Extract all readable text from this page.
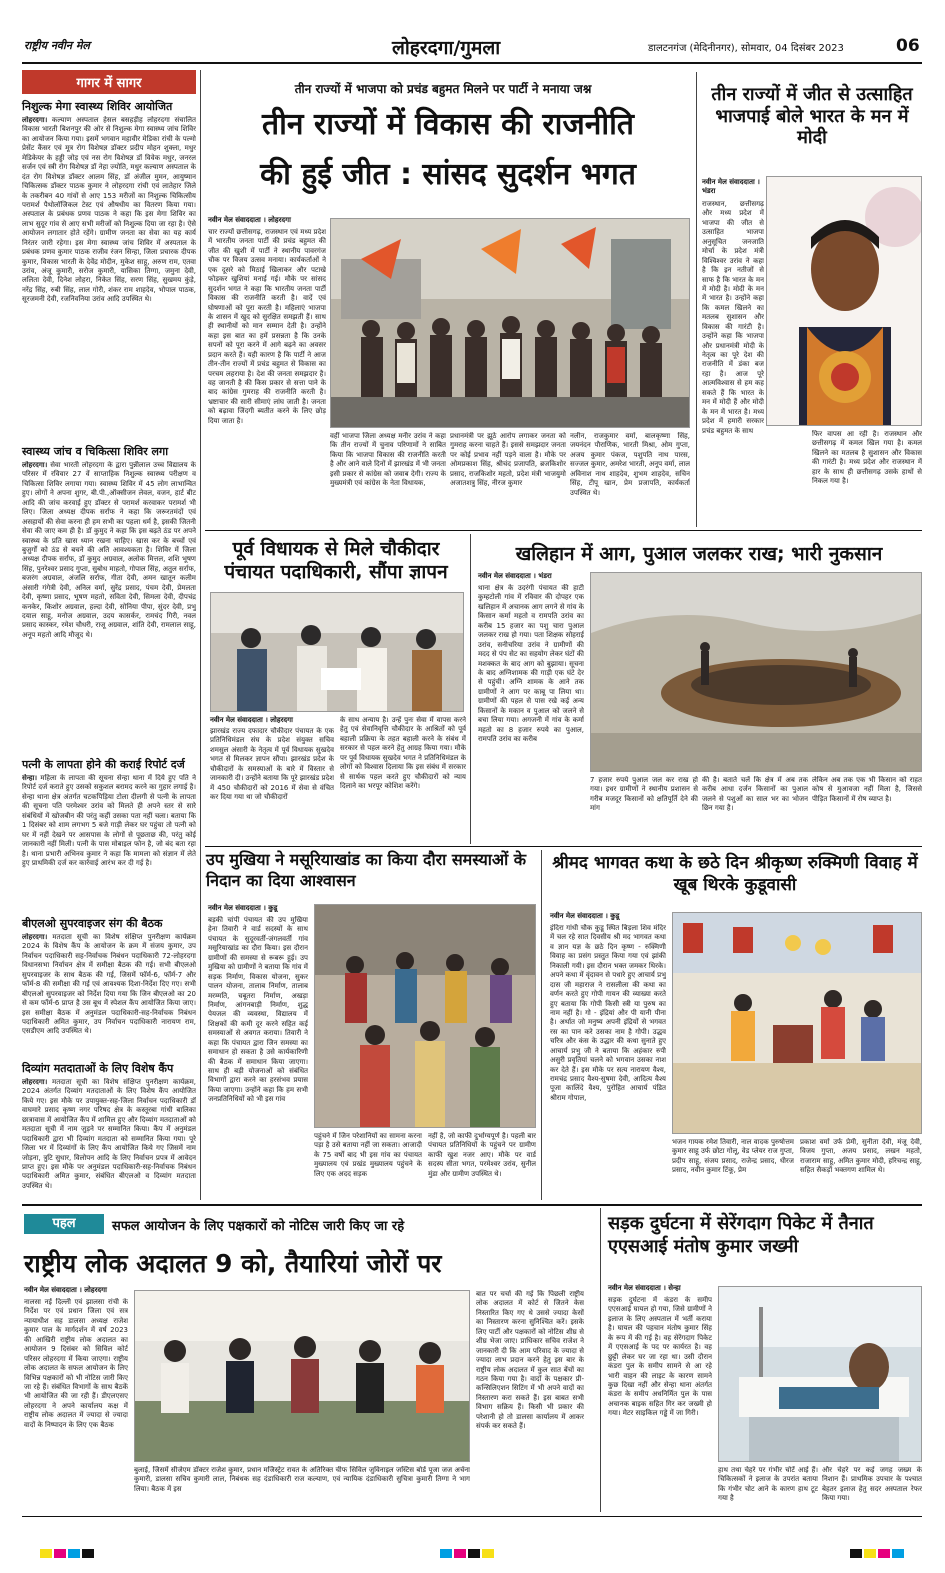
राष्ट्रीय नवीन मेल	लोहरदगा/गुमला	डालटनगंज (मेदिनीनगर), सोमवार, 04 दिसंबर 2023	06
गागर में सागर
निशुल्क मेगा स्वास्थ्य शिविर आयोजित
लोहरदगा। कल्याण अस्पताल हेसल बसहड़ीह लोहरदगा संचालित विकास भारती बिशनपुर की ओर से निशुल्क मेगा स्वास्थ्य जांच शिविर का आयोजन किया गया। इसमें भगवान महावीर मेडिका रांची के पल्मो प्रेसेंट कैंसर एवं मूत्र रोग विशेषज्ञ डॉक्टर प्रदीप मोहन शुक्ला, मधुर मेडिकेयर के हड्डी जोड़ एवं नस रोग विशेषज्ञ डॉ विवेक मधुर, जनरल सर्जन एवं स्त्री रोग विशेषज्ञ डॉ नेहा ज्योति, मधुर कल्याण अस्पताल के दंत रोग विशेषज्ञ डॉक्टर आलम सिंह, डॉ अंजील मुमन, आयुष्मान चिकित्सक डॉक्टर पाठक कुमार ने लोहरदगा रांची एवं लातेहार जिले के तकरीबन 40 गांवों से आए 153 मरीजों का निशुल्क चिकित्सीय परामर्श पैथोलॉजिकल टेस्ट एवं औषधीय का वितरण किया गया। अस्पताल के प्रबंधक प्रणव पाठक ने कहा कि इस मेगा शिविर का लाभ सुदूर गांव से आए सभी मरीजों को निशुल्क दिया जा रहा है। ऐसे आयोजन लगातार होते रहेंगे। ग्रामीण जनता का सेवा का यह कार्य निरंतर जारी रहेगा। इस मेगा स्वास्थ्य जांच शिविर में अस्पताल के प्रबंधक प्रणव कुमार पाठक राजीव रंजन सिन्हा, जिला प्रचारक दीपक कुमार, विकास भारती के देवेंद्र मोदीन, मुकेश साहू, अरुण राम, एतवा उरांव, अंजू कुमारी, सरोज कुमारी, यासिका तिग्गा, जमुना देवी, ललिता देवी, दिनेश लोहरा, निकेत सिंह, सरण सिंह, सुखमय कुंड़े, नरेंद्र सिंह, रुबी सिंह, लाल गोरी, शंकर राम शाहदेव, भोपाल पाठक, सूरजमनी देवी, रजनिवनिया उरांव आदि उपस्थित थे।
स्वास्थ्य जांच व चिकित्सा शिविर लगा
लोहरदगा। सेवा भारती लोहरदगा के द्वारा पुन्नीलाल उच्च विद्यालय के परिसर में रविवार 27 वें साप्ताहिक निशुल्क स्वास्थ्य परीक्षण व चिकित्सा शिविर लगाया गया। स्वास्थ्य शिविर में 45 लोग लाभान्वित हुए। लोगों ने अपना शुगर, बी.पी.,ऑक्सीजन लेवल, वजन, हार्ट बीट आदि की जांच करवाई हुए डॉक्टर से परामर्श करवाकर परामर्श भी लिए। जिला अध्यक्ष दीपक सर्राफ ने कहा कि जरूरतमंदों एवं असहायों की सेवा करना ही हम सभी का पहला धर्म है, इसकी जितनी सेवा की जाए कम ही है। डॉ कुमुद ने कहा कि इस बढ़ते ठंड पर अपने स्वास्थ्य के प्रति खास ध्यान रखना चाहिए। खास कर के बच्चों एवं बुजुर्गों को ठंड से बचने की अति आवश्यकता है। शिविर में जिला अध्यक्ष दीपक सर्राफ, डॉ कुमुद अग्रवाल, अलोक मित्तल, शशि भूषण सिंह, पुनरेश्वर प्रसाद गुप्ता, सुबोध माहतो, गोपाल सिंह, अतुल सर्राफ, बजरंग अग्रवाल, अंजलि सर्राफ, गीता देवी, अमन खातून कलीम अंसारी गंगेत्री देवी, अनिल वर्मा, सुरेंद्र प्रसाद, पंचम देवी, प्रेमलता देवी, कृष्णा प्रसाद, भूषण महतो, सविता देवी, सिमला देवी, दीपचंद्र कनकेर, किशोर अग्रवाल, हल्दा देवी, सोनिया पीपा, सुंदर देवी, प्रभु दयाल साहू, मनोज अग्रवाल, उदय कासर्कर, रामचंद गिरी, नवल प्रसाद कास्कर, रमेश चौधरी, राजू अग्रवाल, शांति देवी, रामलाल साहू, अनूप महतो आदि मौजूद थे।
पत्नी के लापता होने की कराई रिपोर्ट दर्ज
सेन्हा। महिला के लापता की सूचना सेन्हा थाना में दिये हुए पति ने रिपोर्ट दर्ज कराते हुए उसको सकुशल बरामद करने का गुहार लगाई है। सेन्हा थाना क्षेत्र अंतर्गत चटकपिड़िया टोला दीलगी से पत्नी के लापता की सूचना पति परमेश्वर उरांव को मिलते ही अपने स्तर से सारे संबंधियों में खोजबीन की परंतु कहीं उसका पता नहीं चला। बताया कि 1 दिसंबर को शाम लगभग 5 बजे गाड़ी लेकर घर पहुंचा तो पत्नी को घर में नहीं देखने पर आसपास के लोगों से पूछताछ की, परंतु कोई जानकारी नहीं मिली। पत्नी के पास मोबाइल फोन है, जो बंद बता रहा है। थाना प्रभारी अभिनव कुमार ने कहा कि मामला को संज्ञान में लेते हुए प्राथमिकी दर्ज कर कार्रवाई आरंभ कर दी गई है।
बीएलओ सुपरवाइजर संग की बैठक
लोहरदगा। मतदाता सूची का विशेष संक्षिप्त पुनरीक्षण कार्यक्रम 2024 के विशेष कैंप के आयोजन के क्रम में संजय कुमार, उप निर्वाचन पदाधिकारी सह-निर्वाचक निबंधन पदाधिकारी 72-लोहरदगा विधानसभा निर्वाचन क्षेत्र में समीक्षा बैठक की गई। सभी बीएलओ सुपरवाइजर के साथ बैठक की गई, जिसमें फॉर्म-6, फॉर्म-7 और फॉर्म-8 की समीक्षा की गई एवं आवश्यक दिशा-निर्देश दिए गए। सभी बीएलओ सुपरवाइजर को निर्देश दिया गया कि जिन बीएलओ का 20 से कम फॉर्म-6 प्राप्त है उस बूथ में स्पेशल कैंप आयोजित किया जाए। इस समीक्षा बैठक में अनुमंडल पदाधिकारी-सह-निर्वाचक निबंधन पदाधिकारी अमित कुमार, उप निर्वाचन पदाधिकारी नारायण राम, एसडीएम आदि उपस्थित थे।
दिव्यांग मतदाताओं के लिए विशेष कैंप
लोहरदगा। मतदाता सूची का विशेष संक्षिप्त पुनरीक्षण कार्यक्रम, 2024 अंतर्गत दिव्यांग मतदाताओं के लिए विशेष कैंप आयोजित किये गए। इस मौके पर उपायुक्त-सह-जिला निर्वाचन पदाधिकारी डॉ वाघमारे प्रसाद कृष्ण नगर परिषद क्षेत्र के कस्तूरबा गांधी बालिका छात्रावास में आयोजित कैंप में शामिल हुए और दिव्यांग मतदाताओं को मतदाता सूची में नाम जुड़ने पर सम्मानित किया। कैंप में अनुमंडल पदाधिकारी द्वारा भी दिव्यांग मतदाता को सम्मानित किया गया। पूरे जिला भर में दिव्यांगों के लिए कैंप आयोजित किये गए जिसमें नाम जोड़ना, त्रुटि सुधार, विलोपन आदि के लिए निर्वाचन प्रपत्र में आवेदन प्राप्त हुए। इस मौके पर अनुमंडल पदाधिकारी-सह-निर्वाचक निबंधन पदाधिकारी अमित कुमार, संबंधित बीएलओ व दिव्यांग मतदाता उपस्थित थे।
तीन राज्यों में भाजपा को प्रचंड बहुमत मिलने पर पार्टी ने मनाया जश्न
तीन राज्यों में विकास की राजनीति
की हुई जीत : सांसद सुदर्शन भगत
नवीन मेल संवाददाता । लोहरदगा
चार राज्यों छत्तीसगढ़, राजस्थान एवं मध्य प्रदेश में भारतीय जनता पार्टी की प्रचंड बहुमत की जीत की खुशी में पार्टी ने स्थानीय पावरगंज चौक पर विजय उत्सव मनाया। कार्यकर्ताओं ने एक दूसरे को मिठाई खिलाकर और पटाखे फोड़कर खुशियां मनाई गई। मौके पर सांसद सुदर्शन भगत ने कहा कि भारतीय जनता पार्टी विकास की राजनीति करती है। वादें एवं घोषणाओं को पूरा करती है। महिलाएं भाजपा के शासन में खुद को सुरक्षित समझती हैं। साथ ही स्थानीयों को मान सम्मान देती है। उन्होंने कहा इस बात का हमें प्रसन्नता है कि उनके सपनों को पूरा करने में आगे बढ़ने का अवसर प्रदान करते हैं। यही कारण है कि पार्टी ने आज तीन-तीन राज्यों में प्रचंड बहुमत से विकास का परचम लहराया है। देश की जनता समझदार है। वह जानती है की किस प्रकार से सत्ता पाने के बाद कांग्रेस गुमराह की राजनीति करती है। भ्रष्टाचार की सारी सीमाएं लांघ जाती है। जनता को बढ़ावा जिंदगी ब्यतीत करने के लिए छोड़ दिया जाता है।
वहीं भाजपा जिला अध्यक्ष मनीर उरांव ने कहा कि तीन राज्यों में चुनाव परिणामों ने साबित किया कि भाजपा विकास की राजनीति करती है और आने वाले दिनों में झारखंड में भी जनता इसी प्रकार से कांग्रेस को जवाब देगी। राज्य के मुख्यमंत्री एवं कांग्रेस के नेता विधायक,
प्रधानमंत्री पर झूठे आरोप लगाकर जनता को गुमराह करना चाहते हैं। इससे समझदार जनता पर कोई प्रभाव नहीं पड़ने वाला है। मौके पर ओमप्रकाश सिंह, श्रीचंद प्रजापति, ब्रजकिशोर प्रसाद, राजकिशोर महतो, प्रदेश मंत्री भाजयुमो अजातशत्रु सिंह, नीरज कुमार
नलीन, राजकुमार वर्मा, बालकृष्णा सिंह, जयनंदन पौराणिक, भारती मिश्रा, ओम गुप्ता, अजय कुमार पंकज, पशुपति नाथ पारस, सज्जल कुमार, अमरेश भारती, अनूप वर्मा, लाल अविनाश नाथ शाहदेव, शुभम शाहदेव, सचिन सिंह, टीपू खान, प्रेम प्रजापति, कार्यकर्ता उपस्थित थे।
तीन राज्यों में जीत से उत्साहित भाजपाई बोले भारत के मन में मोदी
नवीन मेल संवाददाता । भंडरा
राजस्थान, छत्तीसगढ़ और मध्य प्रदेश में भाजपा की जीत से उत्साहित भाजपा अनुसूचित जनजाति मोर्चा के प्रदेश मंत्री विश्विश्वर उरांव ने कहा है कि इन नतीजों से साफ है कि भारत के मन में मोदी है। मोदी के मन में भारत है। उन्होंने कहा कि कमल खिलने का मतलब सुशासन और विकास की गारंटी है। उन्होंने कहा कि भाजपा और प्रधानमंत्री मोदी के नेतृत्व का पूरे देश की राजनीति में डंका बज रहा है। आज पूरे आत्मविश्वास से हम कह सकते हैं कि भारत के मन में मोदी हैं और मोदी के मन में भारत है। मध्य प्रदेश में हमारी सरकार प्रचंड बहुमत के साथ	फिर वापस आ रही है। राजस्थान और छत्तीसगढ़ में कमल खिल गया है। कमल खिलने का मतलब है सुशासन और विकास की गारंटी है। मध्य प्रदेश और राजस्थान में हार के साथ ही छत्तीसगढ़ उसके हाथों से निकल गया है।
पूर्व विधायक से मिले चौकीदार पंचायत पदाधिकारी, सौंपा ज्ञापन
नवीन मेल संवाददाता । लोहरदगा
झारखंड राज्य दफादार चौकीदार पंचायत के एक प्रतिनिधिमंडल संघ के प्रदेश संयुक्त सचिव शमसुल अंसारी के नेतृत्व में पूर्व विधायक सुखदेव भगत से मिलकर ज्ञापन सौंपा। झारखंड प्रदेश के चौकीदारों के समस्याओं के बारे में विस्तार से जानकारी दी। उन्होंने बताया कि पूरे झारखंड प्रदेश में 450 चौकीदारों को 2016 में सेवा से वंचित कर दिया गया था जो चौकीदारों
के साथ अन्याय है। उन्हें पुनः सेवा में वापस करने हेतु एवं सेवानिवृत्ति चौकीदार के आश्रितों को पूर्व बहाली प्रक्रिया के तहत बहाली करने के संबंध में सरकार से पहल करने हेतु आग्रह किया गया। मौके पर पूर्व विधायक सुखदेव भगत ने प्रतिनिधिमंडल के लोगों को विश्वास दिलाया कि इस संबंध में सरकार से सार्थक पहल करते हुए चौकीदारों को न्याय दिलाने का भरपूर कोशिश करेंगे।
खलिहान में आग, पुआल जलकर राख; भारी नुकसान
नवीन मेल संवाददाता । भंडरा
थाना क्षेत्र के उदरंगी पंचायत की हाटी कुम्हटोली गांव में रविवार की दोपहर एक खलिहान में अचानक आग लगने से गांव के किसान कर्मा महतो व रामपति उरांव का करीब 15 हजार का पशु चारा पुआल जलकर राख हो गया। पता शिक्षक सोहराई उरांव, सनीचरिया उरांव ने ग्रामीणों की मदद से पंप सेट का सहयोग लेकर घंटों की मशक्कत के बाद आग को बुझाया। सूचना के बाद अग्निशामक की गाड़ी एक घंटे देर से पहुंची। अग्नि शामक के आने तक ग्रामीणों ने आग पर काबू पा लिया था। ग्रामीणों की पहल से पास रखे कई अन्य किसानों के मकान व पुआल को जलने से बचा लिया गया। अगजनी में गांव के कर्मा महतो का 8 हजार रुपये का पुआल, रामपति उरांव का करीब
7 हजार रुपये पुआल जल कर राख हो गया। इधर ग्रामीणों ने स्थानीय प्रशासन से गरीब मजदूर किसानों को क्षतिपूर्ति देने की मांग
की है। बताते चलें कि क्षेत्र में अब तक करीब आधा दर्जन किसानों का पुआल जलने से पशुओं का साल भर का भोजन छिन गया है।
लेकिन अब तक एक भी किसान को राहत कोष से मुआवजा नहीं मिला है, जिससे पीड़ित किसानों में रोष व्याप्त है।
उप मुखिया ने मसूरियाखांड का किया दौरा समस्याओं के निदान का दिया आश्वासन
नवीन मेल संवाददाता । कुडू
बड़की चांपी पंचायत की उप मुखिया हेना तिवारी ने वार्ड सदस्यों के साथ पंचायत के सुदूरवर्ती-जंगलवर्ती गांव मसूरियाखांड का दौरा किया। इस दौरान ग्रामीणों की समस्या से रूबरू हुई। उप मुखिया को ग्रामीणों ने बताया कि गांव में सड़क निर्माण, विकास योजना, सुकर पालन योजना, तालाब निर्माण, तालाब मरम्मति, चबूतरा निर्माण, अखड़ा निर्माण, आंगनबाड़ी निर्माण, शुद्ध पेयजल की व्यवस्था, विद्यालय में शिक्षकों की कमी दूर करने सहित कई समस्याओं से अवगत कराया। तिवारी ने कहा कि पंचायत द्वारा जिन समस्या का समाधान हो सकता है उसे कार्यकारिणी की बैठक में समाधान किया जाएगा। साथ ही बड़ी योजनाओं को संबंधित विभागों द्वारा करने का हरसंभव प्रयास किया जाएगा। उन्होंने कहा कि हम सभी जनप्रतिनिधियों को भी इस गांव
पहुंचने में जिन परेशानियों का सामना करना पड़ा है उसे बताया नहीं जा सकता। आजादी के 75 वर्षों बाद भी इस गांव का पंचायत मुख्यालय एवं प्रखंड मुख्यालय पहुंचने के लिए एक अदद सड़क
नहीं है, जो काफी दुर्भाग्यपूर्ण है। पहली बार पंचायत प्रतिनिधियों के पहुंचने पर ग्रामीण काफी खुश नजर आए। मौके पर वार्ड सदस्य सीता भगत, परमेश्वर उरांव, सुनील मुंडा और ग्रामीण उपस्थित थे।
श्रीमद भागवत कथा के छठे दिन श्रीकृष्ण रुक्मिणी विवाह में खूब थिरके कुडूवासी
नवीन मेल संवाददाता । कुडू
इंदिरा गांधी चौक कुडू स्थित बिड़ला शिव मंदिर में चल रहे सात दिवसीय श्री मद भागवत कथा व ज्ञान यज्ञ के छठे दिन कृष्ण - रुक्मिणी विवाह का प्रसंग प्रस्तुत किया गया एवं झांकी निकाली गयी। इस दौरान भक्त जमकर थिरके। अपने कथा में वृंदावन से पधारे हुए आचार्य प्रभु दास जी महाराज ने रासलीला की कथा का वर्णन करते हुए गोपी गायन की व्याख्या करते हुए बताया कि गोपी किसी स्त्री या पुरुष का नाम नहीं है। गो - इंद्रियां और पी यानी पीना है। अर्थात जो मनुष्य अपनी इंद्रियों से भगवत रस का पान करे उसका नाम है गोपी। उद्धव चरित्र और कंस के उद्धार की कथा सुनाते हुए आचार्य प्रभु जी ने बताया कि अहंकार रुपी असुरी प्रवृतियां चलने को भगवान उसका नाश कर देते हैं। इस मौके पर सत्य नारायण वैश्य, रामचंद्र प्रसाद वैश्य-सुषमा देवी, आदित्य वैश्य पूजा कालिंदे वैश्य, पुरोहित आचार्य पंडित श्रीराम गोपाल,
भजन गायक रमेश तिवारी, नाल वादक पुरुषोत्तम कुमार साहू उर्फ छोटा गोलू, वेड प्लेयर राज गुप्ता, प्रदीप साहू, संजय प्रसाद, राजेन्द्र प्रसाद, धीरज प्रसाद, नवीन कुमार टिंकू, प्रेम
प्रकाश वर्मा उर्फ प्रेमी, सुनीता देवी, मंजू देवी, विजय गुप्ता, अजय प्रसाद, लखन महतो, राजाराम साहू, अमित कुमार मोदी, हरिचन्द्र साहू, सहित सैकड़ों भक्तगण शामिल थे।
पहल	सफल आयोजन के लिए पक्षकारों को नोटिस जारी किए जा रहे
राष्ट्रीय लोक अदालत 9 को, तैयारियां जोरों पर
नवीन मेल संवाददाता । लोहरदगा
नालसा नई दिल्ली एवं झालसा रांची के निर्देश पर एवं प्रधान जिला एवं सत्र न्यायाधीश सह डालसा अध्यक्ष राजेश कुमार पाल के मार्गदर्शन में वर्ष 2023 की आखिरी राष्ट्रीय लोक अदालत का आयोजन 9 दिसंबर को सिविल कोर्ट परिसर लोहरदगा में किया जाएगा। राष्ट्रीय लोक अदालत के सफल आयोजन के लिए विभिन्न पक्षकारों को भी नोटिस जारी किए जा रहे हैं। संबंधित विभागों के साथ बैठकें भी आयोजित की जा रही हैं। डीएलएसए लोहरदगा ने अपने कार्यालय कक्ष में राष्ट्रीय लोक अदालत में ज्यादा से ज्यादा वादों के निष्पादन के लिए एक बैठक
बुलाई, जिसमें सीजेएम डॉक्टर राजेश कुमार, प्रधान मजिस्ट्रेट रावत के अतिरिक्त चीफ सिविल जुविनाइल जस्टिस बोर्ड पूजा जज अर्चना कुमारी, डालसा सचिव कुमारी लाल, निबंधक सह दंडाधिकारी राज कल्याण, एवं न्यायिक दंडाधिकारी सुचित्रा कुमारी तिग्गा ने भाग लिया। बैठक में इस
बात पर चर्चा की गई कि पिछली राष्ट्रीय लोक अदालत में कोर्ट से जितने केस निस्तारित किए गए थे उससे ज्यादा केसों का निस्तारण करना सुनिश्चित करें। इसके लिए पार्टी और पक्षकारों को नोटिस शीघ्र से शीघ्र भेजा जाए। प्राधिकार सचिव राजेश ने जानकारी दी कि आम परिवाद के ज्यादा से ज्यादा लाभ प्रदान करने हेतु इस बार के राष्ट्रीय लोक अदालत में कुल सात बेंचों का गठन किया गया है। वादों के पक्षकार प्री-कन्सिलिएशन सिटिंग में भी अपने वादों का निस्तारण करा सकते हैं। इस बाबत सभी विभाग सक्रिय हैं। किसी भी प्रकार की परेशानी हो तो डालसा कार्यालय में आकर संपर्क कर सकते हैं।
सड़क दुर्घटना में सेरेंगदाग पिकेट में तैनात एएसआई मंतोष कुमार जख्मी
नवीन मेल संवाददाता । सेन्हा
सड़क दुर्घटना में कंडरा के समीप एएसआई घायल हो गया, जिसे ग्रामीणों ने इलाज के लिए अस्पताल में भर्ती कराया है। घायल की पहचान मंतोष कुमार सिंह के रूप में की गई है। वह सेरेंगदाग पिकेट में एएसआई के पद पर कार्यरत है। वह छुट्टी लेकर घर जा रहा था। उसी दौरान कंडरा पुल के समीप सामने से आ रहे भारी वाहन की लाइट के कारण सामने कुछ दिखा नहीं और सेन्हा थाना अंतर्गत कंडरा के समीप अधनिर्मित पुल के पास अचानक बाइक सहित गिर कर जख्मी हो गया। मेटर साइकिल गड्ढे में जा गिरी।
हाथ तथा चेहरे पर गंभीर चोटें आई हैं। चिकित्सकों ने इलाज के उपरांत बताया कि गंभीर चोट आने के कारण हाथ टूट गया है
और चेहरे पर कई जगह जख्म के निशान हैं। प्राथमिक उपचार के पश्चात बेहतर इलाज हेतु सदर अस्पताल रेफर किया गया।
